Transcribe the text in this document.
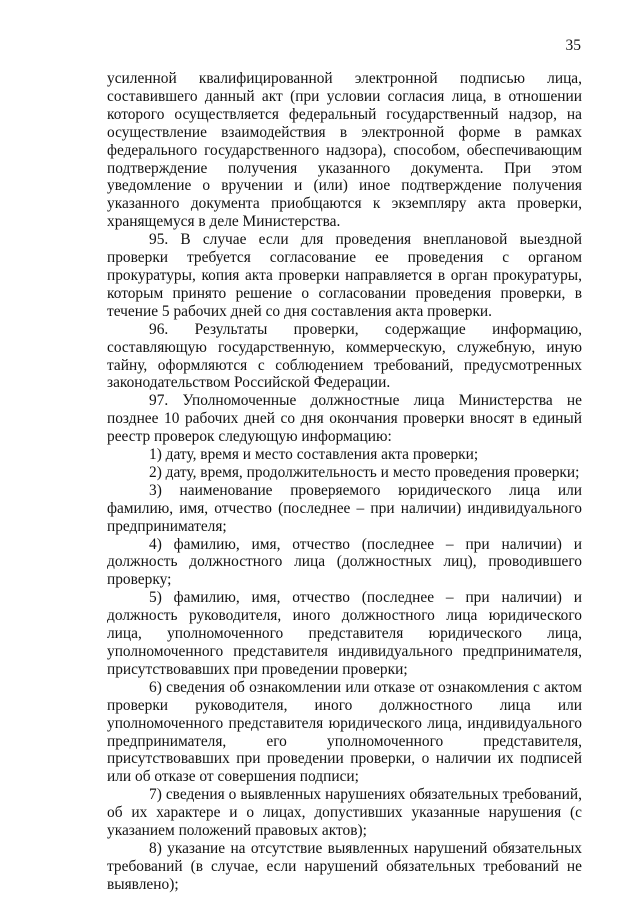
35

усиленной квалифицированной электронной подписью лица, составившего данный акт (при условии согласия лица, в отношении которого осуществляется федеральный государственный надзор, на осуществление взаимодействия в электронной форме в рамках федерального государственного надзора), способом, обеспечивающим подтверждение получения указанного документа. При этом уведомление о вручении и (или) иное подтверждение получения указанного документа приобщаются к экземпляру акта проверки, хранящемуся в деле Министерства.

95. В случае если для проведения внеплановой выездной проверки требуется согласование ее проведения с органом прокуратуры, копия акта проверки направляется в орган прокуратуры, которым принято решение о согласовании проведения проверки, в течение 5 рабочих дней со дня составления акта проверки.

96. Результаты проверки, содержащие информацию, составляющую государственную, коммерческую, служебную, иную тайну, оформляются с соблюдением требований, предусмотренных законодательством Российской Федерации.

97. Уполномоченные должностные лица Министерства не позднее 10 рабочих дней со дня окончания проверки вносят в единый реестр проверок следующую информацию:

1) дату, время и место составления акта проверки;

2) дату, время, продолжительность и место проведения проверки;

3) наименование проверяемого юридического лица или фамилию, имя, отчество (последнее – при наличии) индивидуального предпринимателя;

4) фамилию, имя, отчество (последнее – при наличии) и должность должностного лица (должностных лиц), проводившего проверку;

5) фамилию, имя, отчество (последнее – при наличии) и должность руководителя, иного должностного лица юридического лица, уполномоченного представителя юридического лица, уполномоченного представителя индивидуального предпринимателя, присутствовавших при проведении проверки;

6) сведения об ознакомлении или отказе от ознакомления с актом проверки руководителя, иного должностного лица или уполномоченного представителя юридического лица, индивидуального предпринимателя, его уполномоченного представителя, присутствовавших при проведении проверки, о наличии их подписей или об отказе от совершения подписи;

7) сведения о выявленных нарушениях обязательных требований, об их характере и о лицах, допустивших указанные нарушения (с указанием положений правовых актов);

8) указание на отсутствие выявленных нарушений обязательных требований (в случае, если нарушений обязательных требований не выявлено);
